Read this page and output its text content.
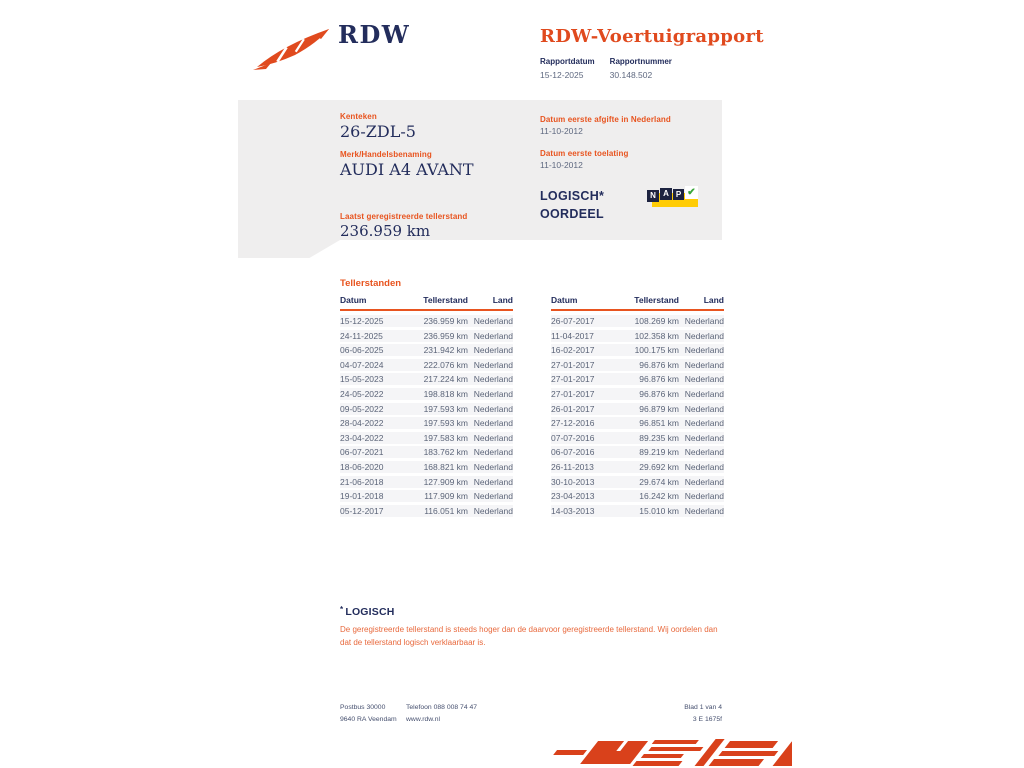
RDW	RDW-Voertuigrapport
Rapportdatum
15-12-2025
Rapportnummer
30.148.502
Kenteken
26-ZDL-5
Merk/Handelsbenaming
AUDI A4 AVANT
Laatst geregistreerde tellerstand
236.959 km
Datum eerste afgifte in Nederland
11-10-2012
Datum eerste toelating
11-10-2012
LOGISCH*
OORDEEL
N A P ✔
Tellerstanden
Datum	Tellerstand	Land
15-12-2025	236.959 km Nederland
24-11-2025	236.959 km Nederland
06-06-2025	231.942 km Nederland
04-07-2024	222.076 km Nederland
15-05-2023	217.224 km Nederland
24-05-2022	198.818 km Nederland
09-05-2022	197.593 km Nederland
28-04-2022	197.593 km Nederland
23-04-2022	197.583 km Nederland
06-07-2021	183.762 km Nederland
18-06-2020	168.821 km Nederland
21-06-2018	127.909 km Nederland
19-01-2018	117.909 km Nederland
05-12-2017	116.051 km Nederland
Datum	Tellerstand	Land
26-07-2017	108.269 km Nederland
11-04-2017	102.358 km Nederland
16-02-2017	100.175 km Nederland
27-01-2017	96.876 km Nederland
27-01-2017	96.876 km Nederland
27-01-2017	96.876 km Nederland
26-01-2017	96.879 km Nederland
27-12-2016	96.851 km Nederland
07-07-2016	89.235 km Nederland
06-07-2016	89.219 km Nederland
26-11-2013	29.692 km Nederland
30-10-2013	29.674 km Nederland
23-04-2013	16.242 km Nederland
14-03-2013	15.010 km Nederland
* LOGISCH
De geregistreerde tellerstand is steeds hoger dan de daarvoor geregistreerde tellerstand. Wij oordelen dan dat de tellerstand logisch verklaarbaar is.
Postbus 30000
9640 RA Veendam
Telefoon 088 008 74 47
www.rdw.nl
Blad 1 van 4
3 E 1675f
